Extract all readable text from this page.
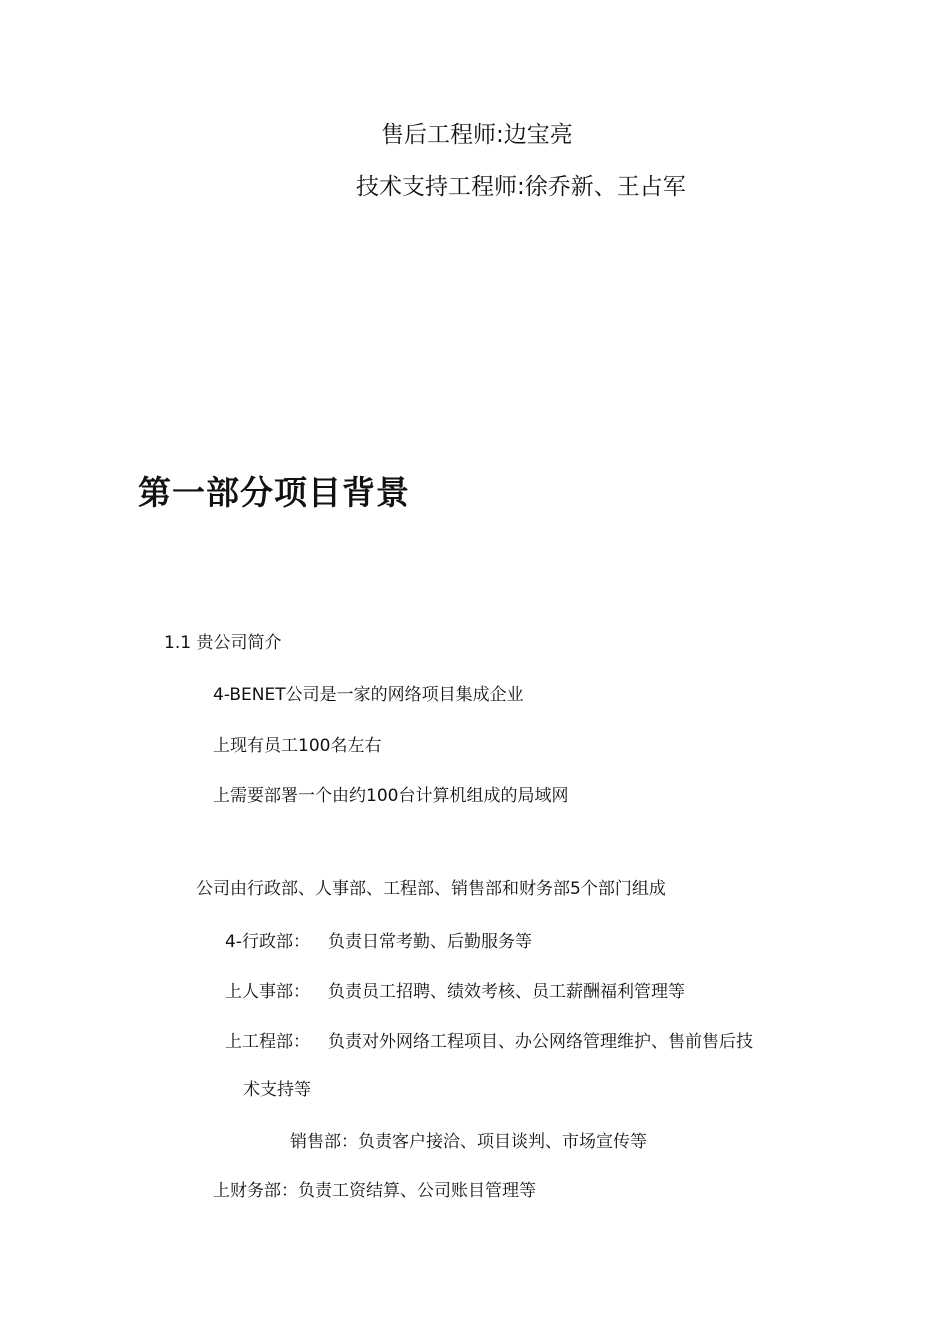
售后工程师:边宝亮
技术支持工程师:徐乔新、王占军
第一部分项目背景
1.1 贵公司简介
4-BENET公司是一家的网络项目集成企业
上现有员工100名左右
上需要部署一个由约100台计算机组成的局域网
公司由行政部、人事部、工程部、销售部和财务部5个部门组成
4-行政部： 负责日常考勤、后勤服务等
上人事部： 负责员工招聘、绩效考核、员工薪酬福利管理等
上工程部： 负责对外网络工程项目、办公网络管理维护、售前售后技
术支持等
销售部：负责客户接洽、项目谈判、市场宣传等
上财务部：负责工资结算、公司账目管理等
